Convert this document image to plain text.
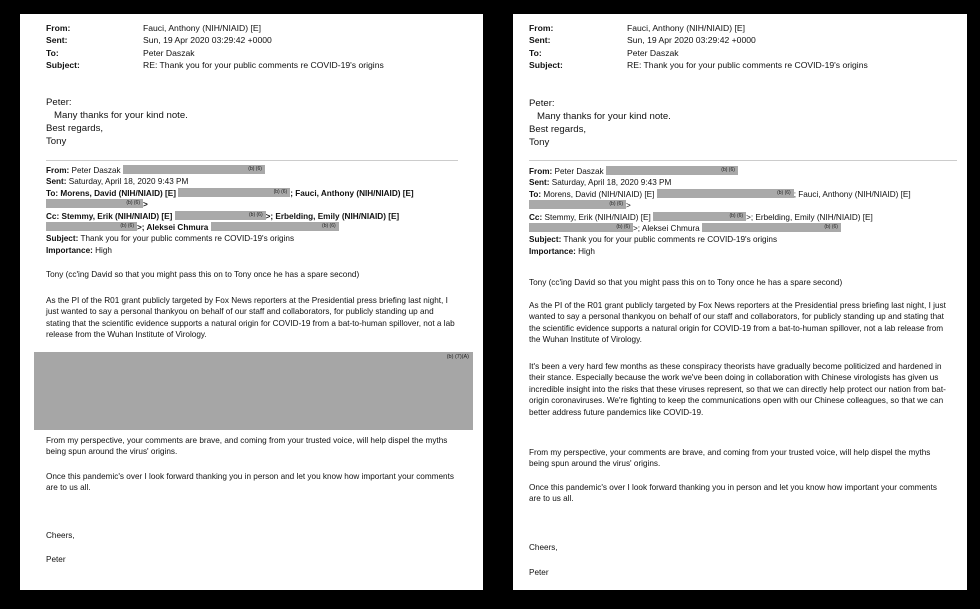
From:	Fauci, Anthony (NIH/NIAID) [E]
Sent:	Sun, 19 Apr 2020 03:29:42 +0000
To:	Peter Daszak
Subject:	RE: Thank you for your public comments re COVID-19's origins
Peter:
Many thanks for your kind note.
Best regards,
Tony
From: Peter Daszak	(b) (6)
Sent: Saturday, April 18, 2020 9:43 PM
To: Morens, David (NIH/NIAID) [E]	(b) (6) ; Fauci, Anthony (NIH/NIAID) [E]
(b) (6) >
Cc: Stemmy, Erik (NIH/NIAID) [E]	(b) (6) >; Erbelding, Emily (NIH/NIAID) [E]
(b) (6) >; Aleksei Chmura	(b) (6)
Subject: Thank you for your public comments re COVID-19's origins
Importance: High
Tony (cc'ing David so that you might pass this on to Tony once he has a spare second)
As the PI of the R01 grant publicly targeted by Fox News reporters at the Presidential press briefing last night, I just wanted to say a personal thankyou on behalf of our staff and collaborators, for publicly standing up and stating that the scientific evidence supports a natural origin for COVID-19 from a bat-to-human spillover, not a lab release from the Wuhan Institute of Virology.
(b) (7)(A)
From my perspective, your comments are brave, and coming from your trusted voice, will help dispel the myths being spun around the virus' origins.
Once this pandemic's over I look forward thanking you in person and let you know how important your comments are to us all.
Cheers,
Peter
From:	Fauci, Anthony (NIH/NIAID) [E]
Sent:	Sun, 19 Apr 2020 03:29:42 +0000
To:	Peter Daszak
Subject:	RE: Thank you for your public comments re COVID-19's origins
Peter:
Many thanks for your kind note.
Best regards,
Tony
From: Peter Daszak	(b) (6)
Sent: Saturday, April 18, 2020 9:43 PM
To: Morens, David (NIH/NIAID) [E]	(b) (6) ; Fauci, Anthony (NIH/NIAID) [E]
(b) (6) >
Cc: Stemmy, Erik (NIH/NIAID) [E]	(b) (6) >; Erbelding, Emily (NIH/NIAID) [E]
(b) (6) >; Aleksei Chmura	(b) (6)
Subject: Thank you for your public comments re COVID-19's origins
Importance: High
Tony (cc'ing David so that you might pass this on to Tony once he has a spare second)
As the PI of the R01 grant publicly targeted by Fox News reporters at the Presidential press briefing last night, I just wanted to say a personal thankyou on behalf of our staff and collaborators, for publicly standing up and stating that the scientific evidence supports a natural origin for COVID-19 from a bat-to-human spillover, not a lab release from the Wuhan Institute of Virology.
It's been a very hard few months as these conspiracy theorists have gradually become politicized and hardened in their stance. Especially because the work we've been doing in collaboration with Chinese virologists has given us incredible insight into the risks that these viruses represent, so that we can directly help protect our nation from bat-origin coronaviruses. We're fighting to keep the communications open with our Chinese colleagues, so that we can better address future pandemics like COVID-19.
From my perspective, your comments are brave, and coming from your trusted voice, will help dispel the myths being spun around the virus' origins.
Once this pandemic's over I look forward thanking you in person and let you know how important your comments are to us all.
Cheers,
Peter
